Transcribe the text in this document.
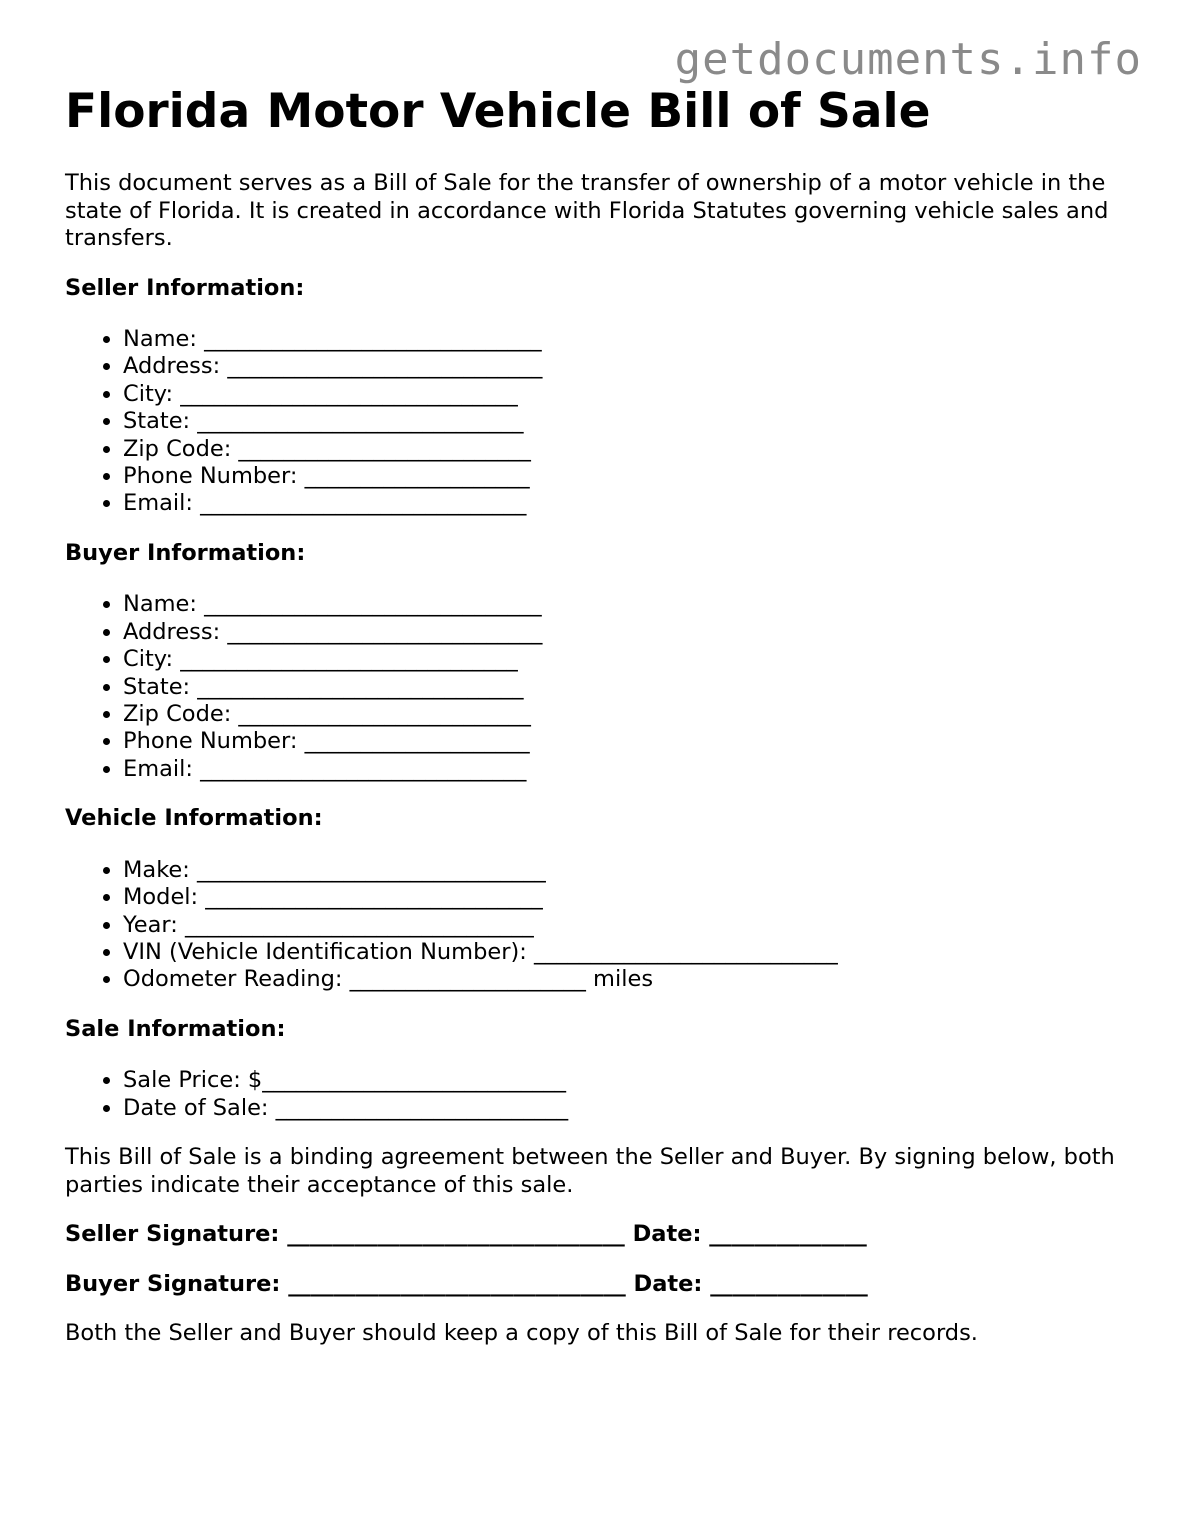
getdocuments.info
Florida Motor Vehicle Bill of Sale

This document serves as a Bill of Sale for the transfer of ownership of a motor vehicle in the state of Florida. It is created in accordance with Florida Statutes governing vehicle sales and transfers.

Seller Information:
• Name: ______________________________
• Address: ____________________________
• City: ______________________________
• State: _____________________________
• Zip Code: __________________________
• Phone Number: ____________________
• Email: _____________________________
Buyer Information:
• Name: ______________________________
• Address: ____________________________
• City: ______________________________
• State: _____________________________
• Zip Code: __________________________
• Phone Number: ____________________
• Email: _____________________________
Vehicle Information:
• Make: _______________________________
• Model: ______________________________
• Year: _______________________________
• VIN (Vehicle Identification Number): ___________________________
• Odometer Reading: _____________________ miles
Sale Information:
• Sale Price: $___________________________
• Date of Sale: __________________________

This Bill of Sale is a binding agreement between the Seller and Buyer. By signing below, both parties indicate their acceptance of this sale.

Seller Signature: ______________________________ Date: ______________
Buyer Signature: ______________________________ Date: ______________

Both the Seller and Buyer should keep a copy of this Bill of Sale for their records.
